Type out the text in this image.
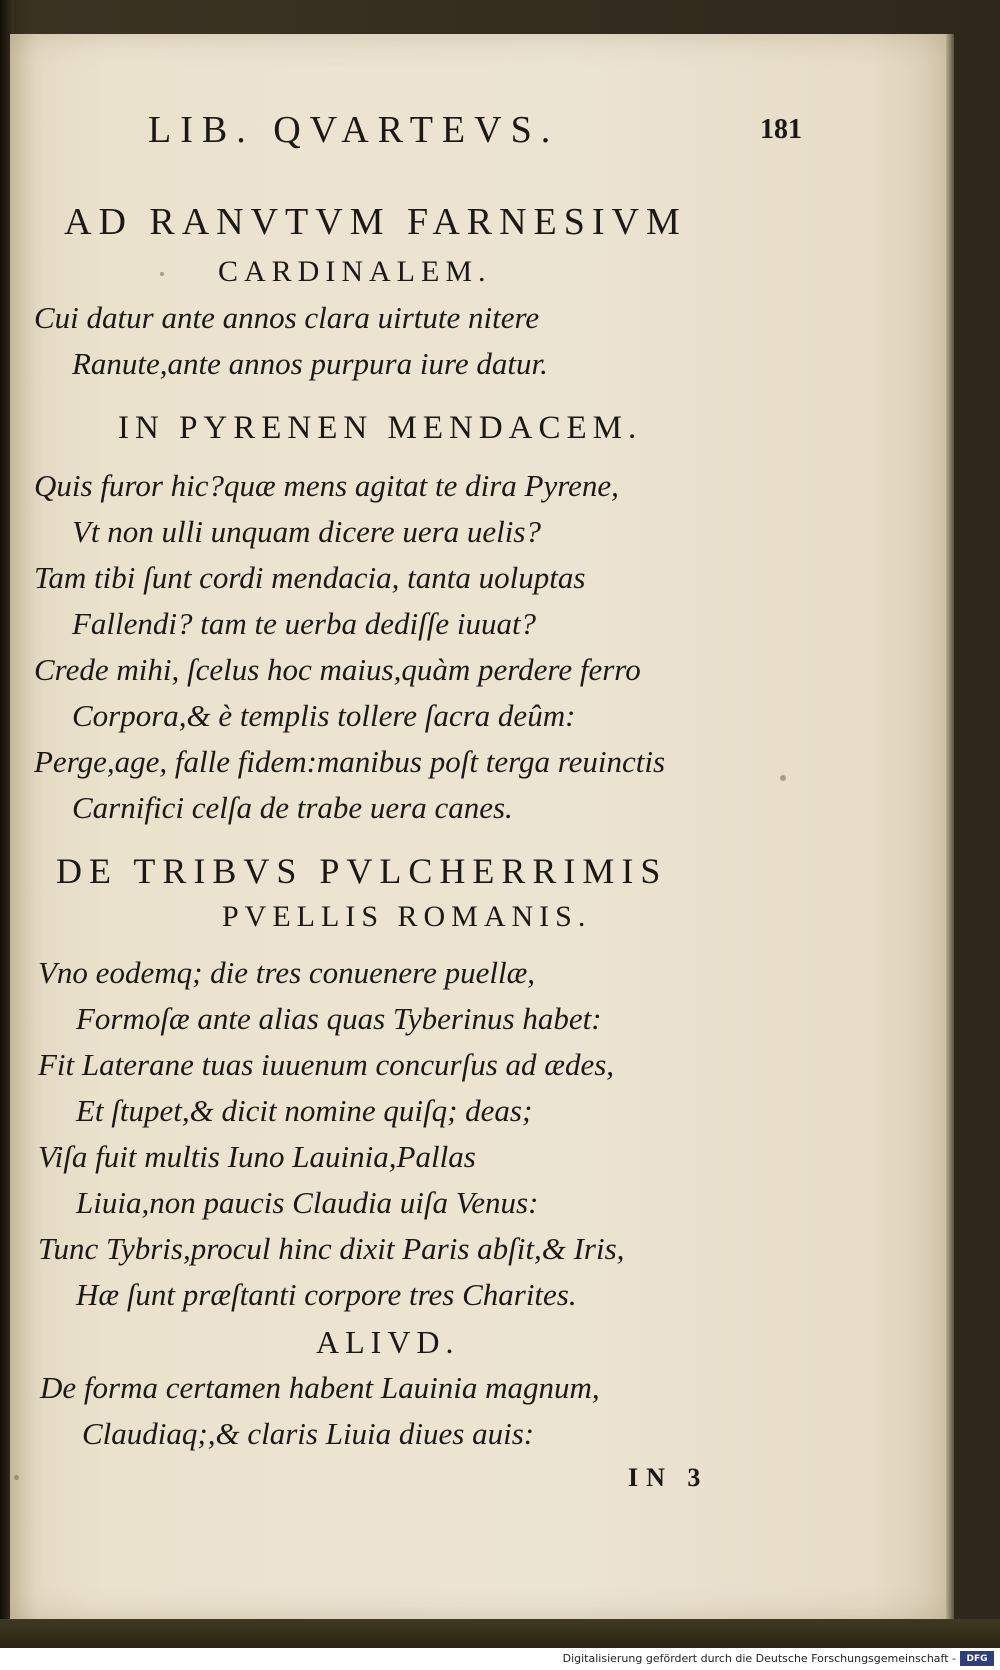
LIB. QVARTEVS.	181
AD RANVTVM FARNESIVM
CARDINALEM.
Cui datur ante annos clara uirtute nitere
Ranute,ante annos purpura iure datur.
IN PYRENEN MENDACEM.
Quis furor hic?quæ mens agitat te dira Pyrene,
Vt non ulli unquam dicere uera uelis?
Tam tibi ſunt cordi mendacia, tanta uoluptas
Fallendi? tam te uerba dediſſe iuuat?
Crede mihi, ſcelus hoc maius,quàm perdere ferro
Corpora,& è templis tollere ſacra deûm:
Perge,age, falle fidem:manibus poſt terga reuinctis
Carnifici celſa de trabe uera canes.
DE TRIBVS PVLCHERRIMIS
PVELLIS ROMANIS.
Vno eodemq; die tres conuenere puellæ,
Formoſæ ante alias quas Tyberinus habet:
Fit Laterane tuas iuuenum concurſus ad ædes,
Et ſtupet,& dicit nomine quiſq; deas;
Viſa fuit multis Iuno Lauinia,Pallas
Liuia,non paucis Claudia uiſa Venus:
Tunc Tybris,procul hinc dixit Paris abſit,& Iris,
Hæ ſunt præſtanti corpore tres Charites.
ALIVD.
De forma certamen habent Lauinia magnum,
Claudiaq;,& claris Liuia diues auis:
IN 3
Digitalisierung gefördert durch die Deutsche Forschungsgemeinschaft -	DFG
